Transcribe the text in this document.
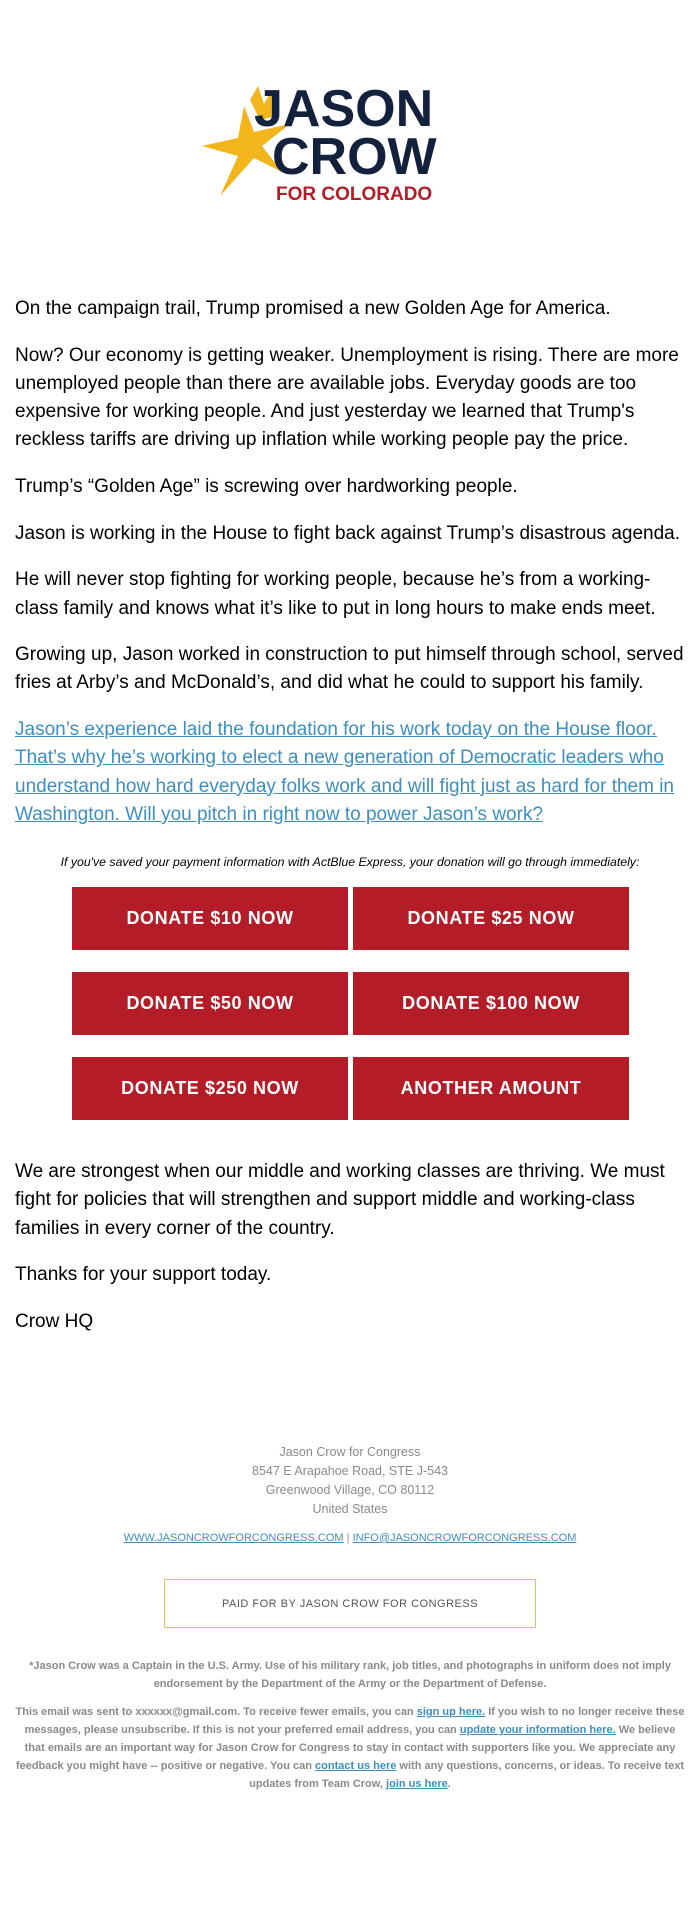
JASON
CROW
FOR COLORADO

On the campaign trail, Trump promised a new Golden Age for America.

Now? Our economy is getting weaker. Unemployment is rising. There are more unemployed people than there are available jobs. Everyday goods are too expensive for working people. And just yesterday we learned that Trump's reckless tariffs are driving up inflation while working people pay the price.

Trump’s “Golden Age” is screwing over hardworking people.

Jason is working in the House to fight back against Trump’s disastrous agenda.

He will never stop fighting for working people, because he’s from a working-class family and knows what it’s like to put in long hours to make ends meet.

Growing up, Jason worked in construction to put himself through school, served fries at Arby’s and McDonald’s, and did what he could to support his family.

Jason’s experience laid the foundation for his work today on the House floor. That’s why he’s working to elect a new generation of Democratic leaders who understand how hard everyday folks work and will fight just as hard for them in Washington. Will you pitch in right now to power Jason’s work?
If you've saved your payment information with ActBlue Express, your donation will go through immediately:
DONATE $10 NOW	DONATE $25 NOW
DONATE $50 NOW	DONATE $100 NOW
DONATE $250 NOW	ANOTHER AMOUNT

We are strongest when our middle and working classes are thriving. We must fight for policies that will strengthen and support middle and working-class families in every corner of the country.

Thanks for your support today.

Crow HQ

Jason Crow for Congress
8547 E Arapahoe Road, STE J-543
Greenwood Village, CO 80112
United States
WWW.JASONCROWFORCONGRESS.COM | INFO@JASONCROWFORCONGRESS.COM
PAID FOR BY JASON CROW FOR CONGRESS
*Jason Crow was a Captain in the U.S. Army. Use of his military rank, job titles, and photographs in uniform does not imply endorsement by the Department of the Army or the Department of Defense.
This email was sent to xxxxxx@gmail.com. To receive fewer emails, you can sign up here. If you wish to no longer receive these messages, please unsubscribe. If this is not your preferred email address, you can update your information here. We believe that emails are an important way for Jason Crow for Congress to stay in contact with supporters like you. We appreciate any feedback you might have -- positive or negative. You can contact us here with any questions, concerns, or ideas. To receive text updates from Team Crow, join us here.
